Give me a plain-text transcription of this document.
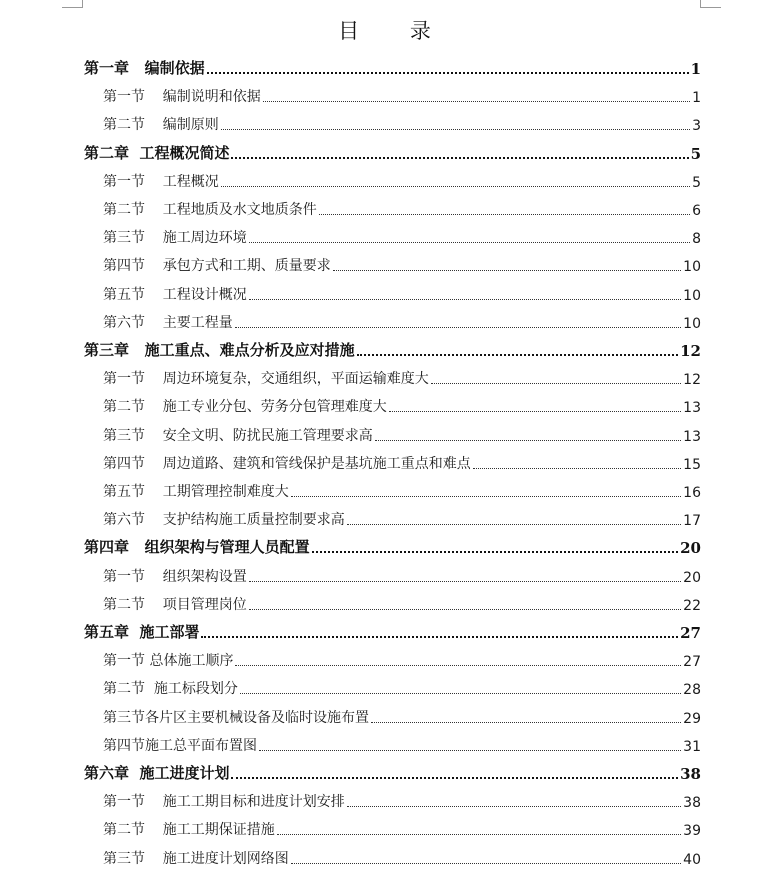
目 录
第一章   编制依据	1
第一节    编制说明和依据	1
第二节    编制原则	3
第二章  工程概况简述	5
第一节    工程概况	5
第二节    工程地质及水文地质条件	6
第三节    施工周边环境	8
第四节    承包方式和工期、质量要求	10
第五节    工程设计概况	10
第六节    主要工程量	10
第三章   施工重点、难点分析及应对措施	12
第一节    周边环境复杂，交通组织，平面运输难度大	12
第二节    施工专业分包、劳务分包管理难度大	13
第三节    安全文明、防扰民施工管理要求高	13
第四节    周边道路、建筑和管线保护是基坑施工重点和难点	15
第五节    工期管理控制难度大	16
第六节    支护结构施工质量控制要求高	17
第四章   组织架构与管理人员配置	20
第一节    组织架构设置	20
第二节    项目管理岗位	22
第五章  施工部署	27
第一节 总体施工顺序	27
第二节  施工标段划分	28
第三节各片区主要机械设备及临时设施布置	29
第四节施工总平面布置图	31
第六章  施工进度计划	38
第一节    施工工期目标和进度计划安排	38
第二节    施工工期保证措施	39
第三节    施工进度计划网络图	40
